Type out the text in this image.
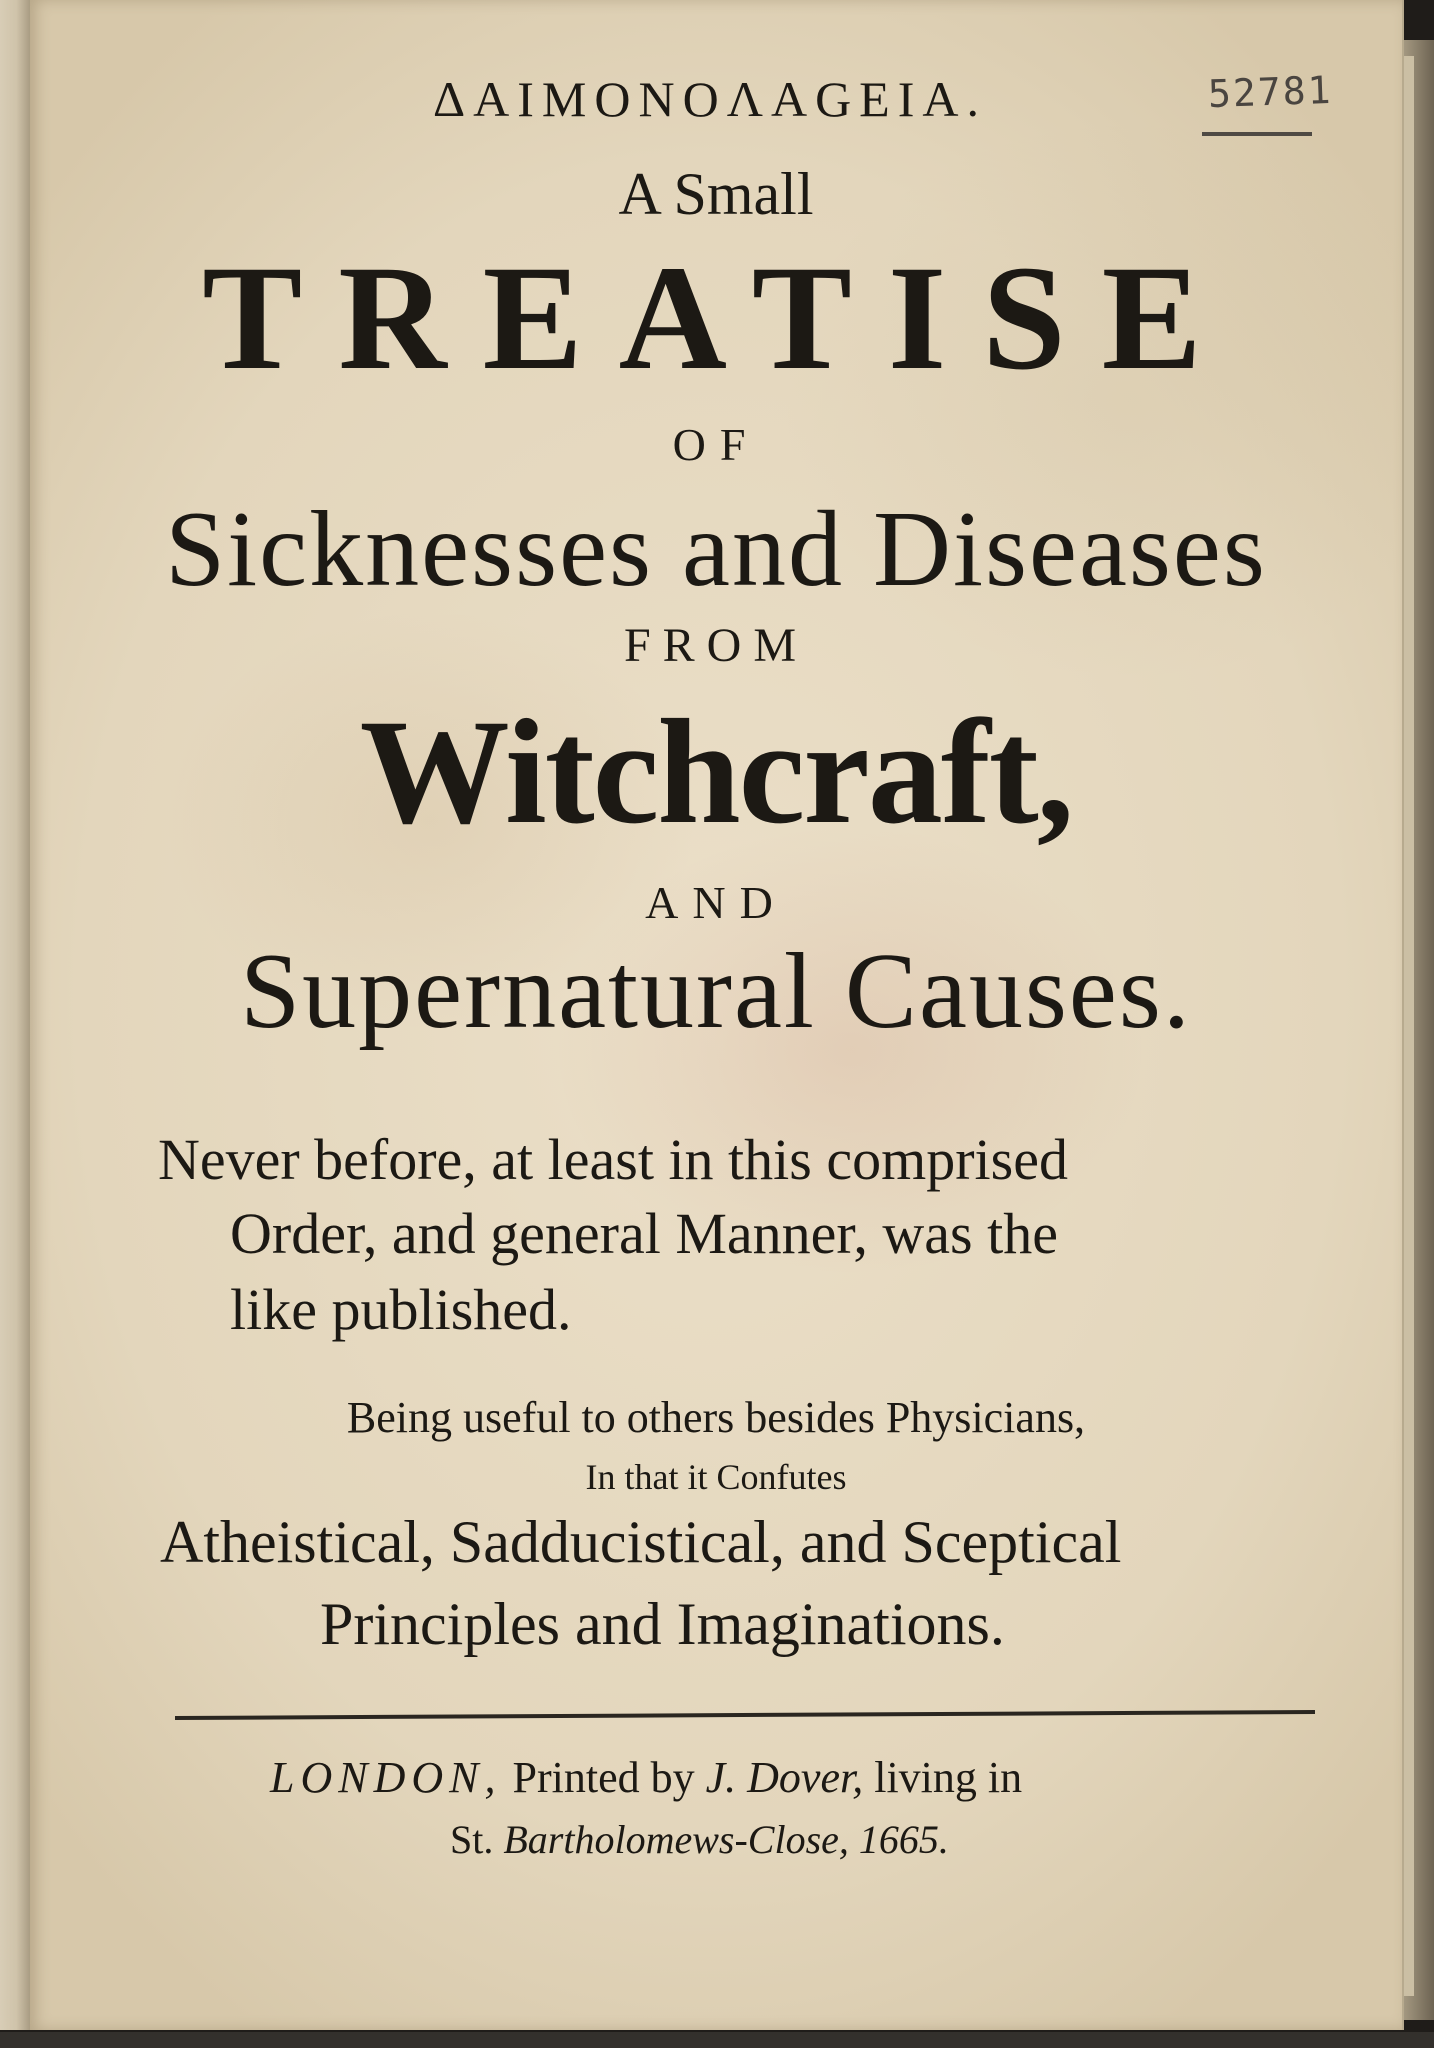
52781
ΔAIMONOΛAGEIA.
A Small
TREATISE
OF
Sicknesses and Diseases
FROM
Witchcraft,
AND
Supernatural Causes.
Never before, at least in this comprised
Order, and general Manner, was the
like published.
Being useful to others besides Physicians,
In that it Confutes
Atheistical, Sadducistical, and Sceptical
Principles and Imaginations.
LONDON, Printed by J. Dover, living in
St. Bartholomews-Close, 1665.
